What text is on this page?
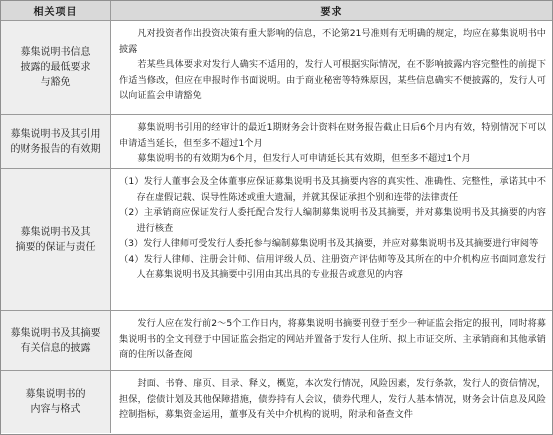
相关项目	要求
募集说明书信息
披露的最低要求
与豁免

凡对投资者作出投资决策有重大影响的信息，不论第21号准则有无明确的规定，均应在募集说明书中披露

若某些具体要求对发行人确实不适用的，发行人可根据实际情况，在不影响披露内容完整性的前提下作适当修改，但应在申报时作书面说明。由于商业秘密等特殊原因，某些信息确实不便披露的，发行人可以向证监会申请豁免

募集说明书及其引用
的财务报告的有效期

募集说明书引用的经审计的最近1期财务会计资料在财务报告截止日后6个月内有效，特别情况下可以申请适当延长，但至多不超过1个月

募集说明书的有效期为6个月，但发行人可申请延长其有效期，但至多不超过1个月

募集说明书及其
摘要的保证与责任

（1）发行人董事会及全体董事应保证募集说明书及其摘要内容的真实性、准确性、完整性，承诺其中不存在虚假记载、误导性陈述或重大遗漏，并就其保证承担个别和连带的法律责任

（2）主承销商应保证发行人委托配合发行人编制募集说明书及其摘要，并对募集说明书及其摘要的内容进行核查

（3）发行人律师可受发行人委托参与编制募集说明书及其摘要，并应对募集说明书及其摘要进行审阅等

（4）发行人律师、注册会计师、信用评级人员、注册资产评估师等及其所在的中介机构应书面同意发行人在募集说明书及其摘要中引用由其出具的专业报告或意见的内容

募集说明书及其摘要
有关信息的披露

发行人应在发行前2～5个工作日内，将募集说明书摘要刊登于至少一种证监会指定的报刊，同时将募集说明书的全文刊登于中国证监会指定的网站并置备于发行人住所、拟上市证交所、主承销商和其他承销商的住所以备查阅

募集说明书的
内容与格式

封面、书脊、扉页、目录、释义，概览，本次发行情况，风险因素，发行条款，发行人的资信情况，担保，偿债计划及其他保障措施，债券持有人会议，债券代理人，发行人基本情况，财务会计信息及风险控制指标，募集资金运用，董事及有关中介机构的说明，附录和备查文件
